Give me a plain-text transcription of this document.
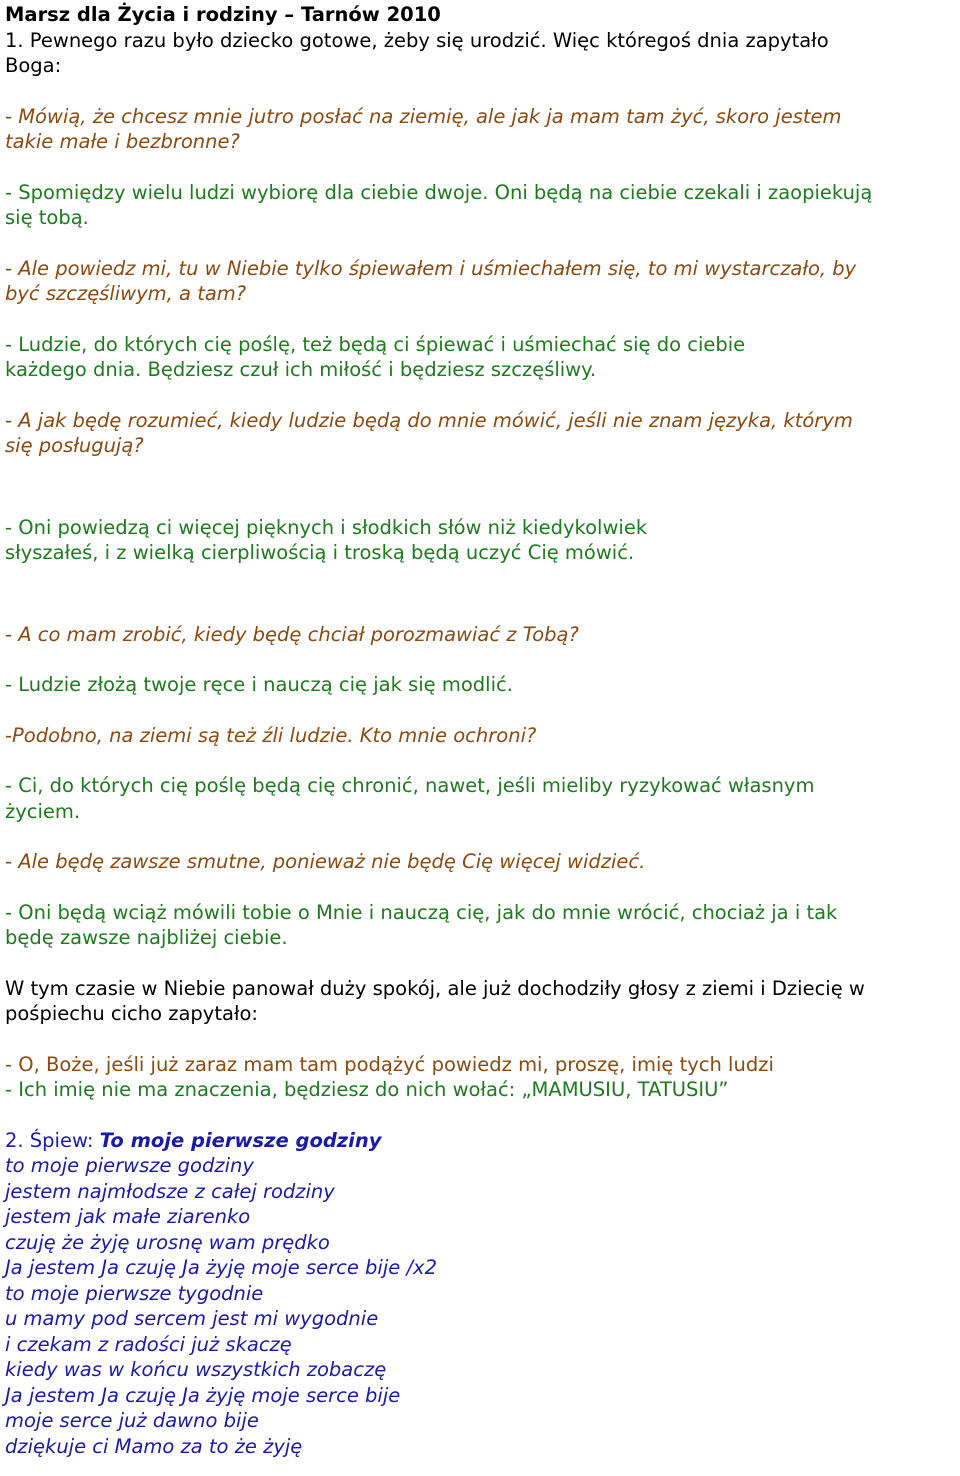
Marsz dla Życia i rodziny – Tarnów 2010

1. Pewnego razu było dziecko gotowe, żeby się urodzić. Więc któregoś dnia zapytało

Boga:

- Mówią, że chcesz mnie jutro posłać na ziemię, ale jak ja mam tam żyć, skoro jestem

takie małe i bezbronne?

- Spomiędzy wielu ludzi wybiorę dla ciebie dwoje. Oni będą na ciebie czekali i zaopiekują

się tobą.

- Ale powiedz mi, tu w Niebie tylko śpiewałem i uśmiechałem się, to mi wystarczało, by

być szczęśliwym, a tam?

- Ludzie, do których cię poślę, też będą ci śpiewać i uśmiechać się do ciebie

każdego dnia. Będziesz czuł ich miłość i będziesz szczęśliwy.

- A jak będę rozumieć, kiedy ludzie będą do mnie mówić, jeśli nie znam języka, którym

się posługują?

- Oni powiedzą ci więcej pięknych i słodkich słów niż kiedykolwiek

słyszałeś, i z wielką cierpliwością i troską będą uczyć Cię mówić.

- A co mam zrobić, kiedy będę chciał porozmawiać z Tobą?

- Ludzie złożą twoje ręce i nauczą cię jak się modlić.

-Podobno, na ziemi są też źli ludzie. Kto mnie ochroni?

- Ci, do których cię poślę będą cię chronić, nawet, jeśli mieliby ryzykować własnym

życiem.

- Ale będę zawsze smutne, ponieważ nie będę Cię więcej widzieć.

- Oni będą wciąż mówili tobie o Mnie i nauczą cię, jak do mnie wrócić, chociaż ja i tak

będę zawsze najbliżej ciebie.

W tym czasie w Niebie panował duży spokój, ale już dochodziły głosy z ziemi i Dziecię w

pośpiechu cicho zapytało:

- O, Boże, jeśli już zaraz mam tam podążyć powiedz mi, proszę, imię tych ludzi

- Ich imię nie ma znaczenia, będziesz do nich wołać: „MAMUSIU, TATUSIU”

2. Śpiew: To moje pierwsze godziny

to moje pierwsze godziny

jestem najmłodsze z całej rodziny

jestem jak małe ziarenko

czuję że żyję urosnę wam prędko

Ja jestem Ja czuję Ja żyję moje serce bije /x2

to moje pierwsze tygodnie

u mamy pod sercem jest mi wygodnie

i czekam z radości już skaczę

kiedy was w końcu wszystkich zobaczę

Ja jestem Ja czuję Ja żyję moje serce bije

moje serce już dawno bije

dziękuje ci Mamo za to że żyję
